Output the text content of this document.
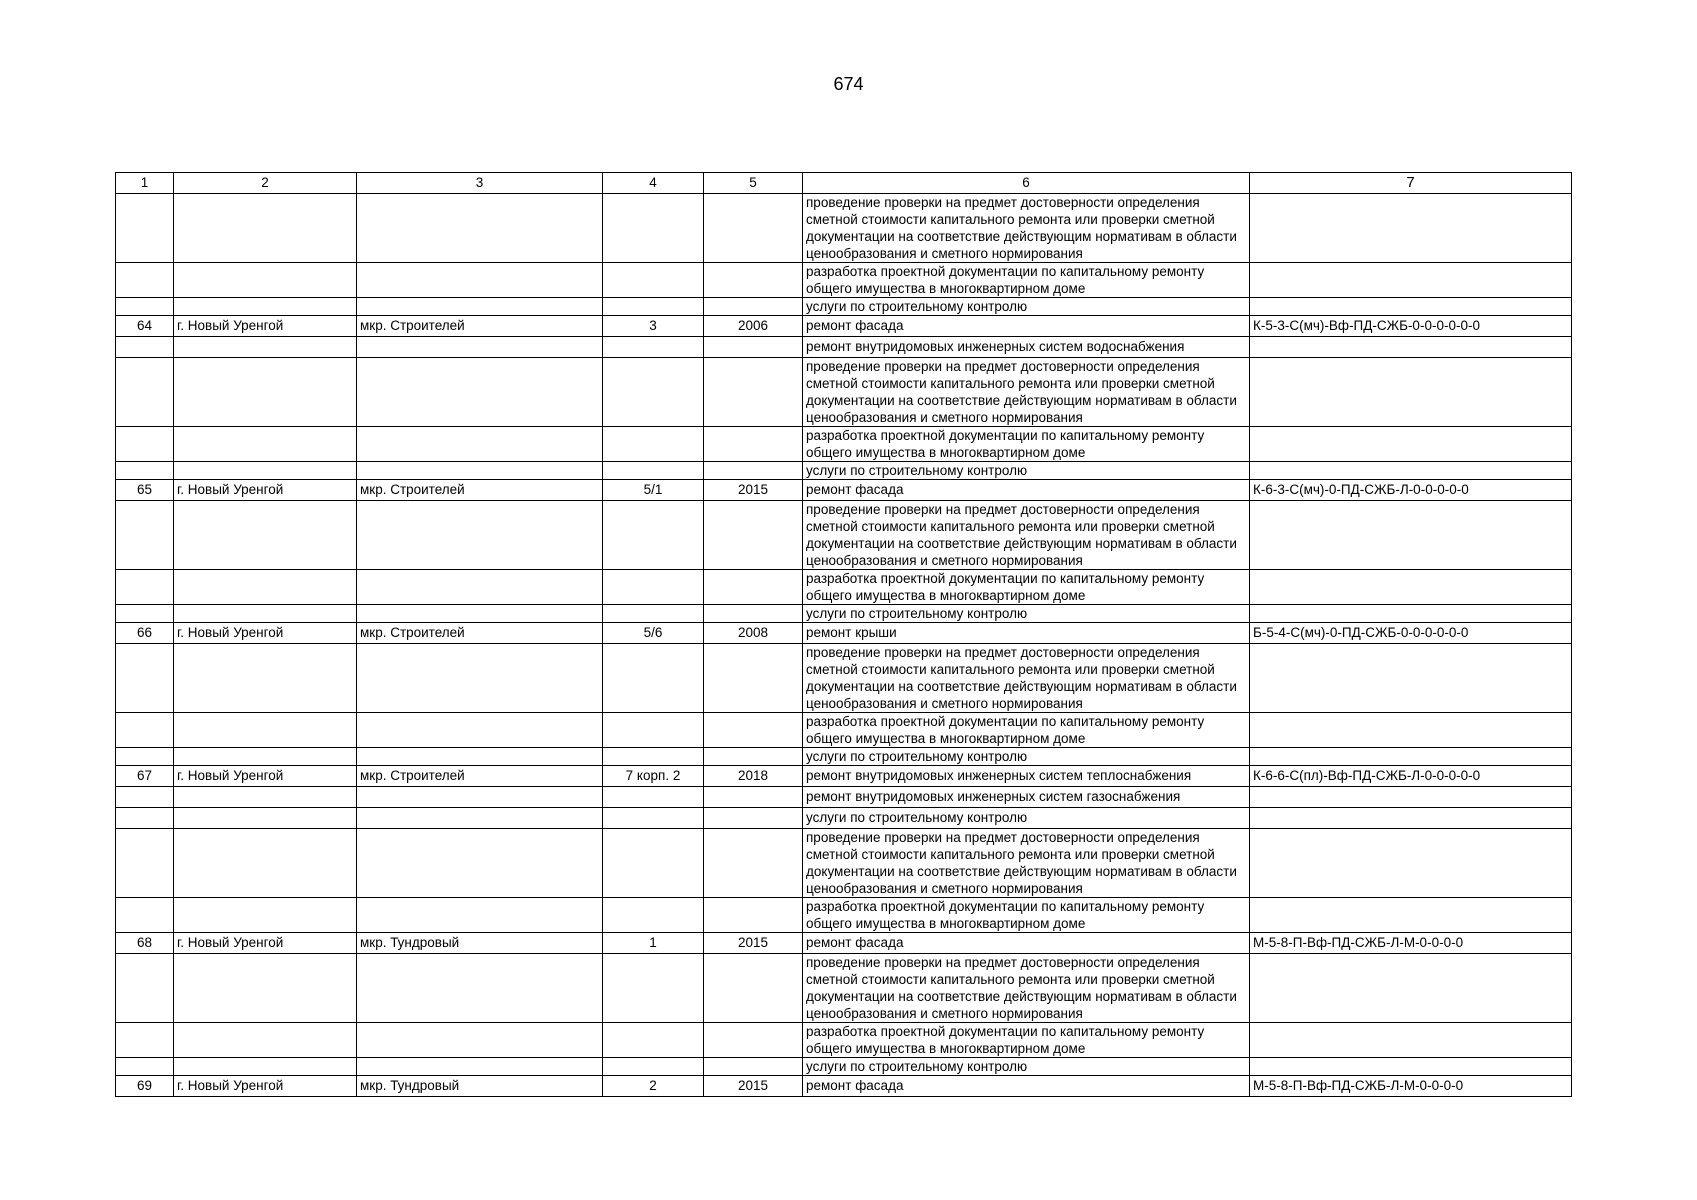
674
1	2	3	4	5	6	7
					проведение проверки на предмет достоверности определения сметной стоимости капитального ремонта или проверки сметной документации на соответствие действующим нормативам в области ценообразования и сметного нормирования	
					разработка проектной документации по капитальному ремонту общего имущества в многоквартирном доме	
					услуги по строительному контролю	
64	г. Новый Уренгой	мкр. Строителей	3	2006	ремонт фасада	К-5-3-С(мч)-Вф-ПД-СЖБ-0-0-0-0-0-0
					ремонт внутридомовых инженерных систем водоснабжения	
					проведение проверки на предмет достоверности определения сметной стоимости капитального ремонта или проверки сметной документации на соответствие действующим нормативам в области ценообразования и сметного нормирования	
					разработка проектной документации по капитальному ремонту общего имущества в многоквартирном доме	
					услуги по строительному контролю	
65	г. Новый Уренгой	мкр. Строителей	5/1	2015	ремонт фасада	К-6-3-С(мч)-0-ПД-СЖБ-Л-0-0-0-0-0
					проведение проверки на предмет достоверности определения сметной стоимости капитального ремонта или проверки сметной документации на соответствие действующим нормативам в области ценообразования и сметного нормирования	
					разработка проектной документации по капитальному ремонту общего имущества в многоквартирном доме	
					услуги по строительному контролю	
66	г. Новый Уренгой	мкр. Строителей	5/6	2008	ремонт крыши	Б-5-4-С(мч)-0-ПД-СЖБ-0-0-0-0-0-0
					проведение проверки на предмет достоверности определения сметной стоимости капитального ремонта или проверки сметной документации на соответствие действующим нормативам в области ценообразования и сметного нормирования	
					разработка проектной документации по капитальному ремонту общего имущества в многоквартирном доме	
					услуги по строительному контролю	
67	г. Новый Уренгой	мкр. Строителей	7 корп. 2	2018	ремонт внутридомовых инженерных систем теплоснабжения	К-6-6-С(пл)-Вф-ПД-СЖБ-Л-0-0-0-0-0
					ремонт внутридомовых инженерных систем газоснабжения	
					услуги по строительному контролю	
					проведение проверки на предмет достоверности определения сметной стоимости капитального ремонта или проверки сметной документации на соответствие действующим нормативам в области ценообразования и сметного нормирования	
					разработка проектной документации по капитальному ремонту общего имущества в многоквартирном доме	
68	г. Новый Уренгой	мкр. Тундровый	1	2015	ремонт фасада	М-5-8-П-Вф-ПД-СЖБ-Л-М-0-0-0-0
					проведение проверки на предмет достоверности определения сметной стоимости капитального ремонта или проверки сметной документации на соответствие действующим нормативам в области ценообразования и сметного нормирования	
					разработка проектной документации по капитальному ремонту общего имущества в многоквартирном доме	
					услуги по строительному контролю	
69	г. Новый Уренгой	мкр. Тундровый	2	2015	ремонт фасада	М-5-8-П-Вф-ПД-СЖБ-Л-М-0-0-0-0
